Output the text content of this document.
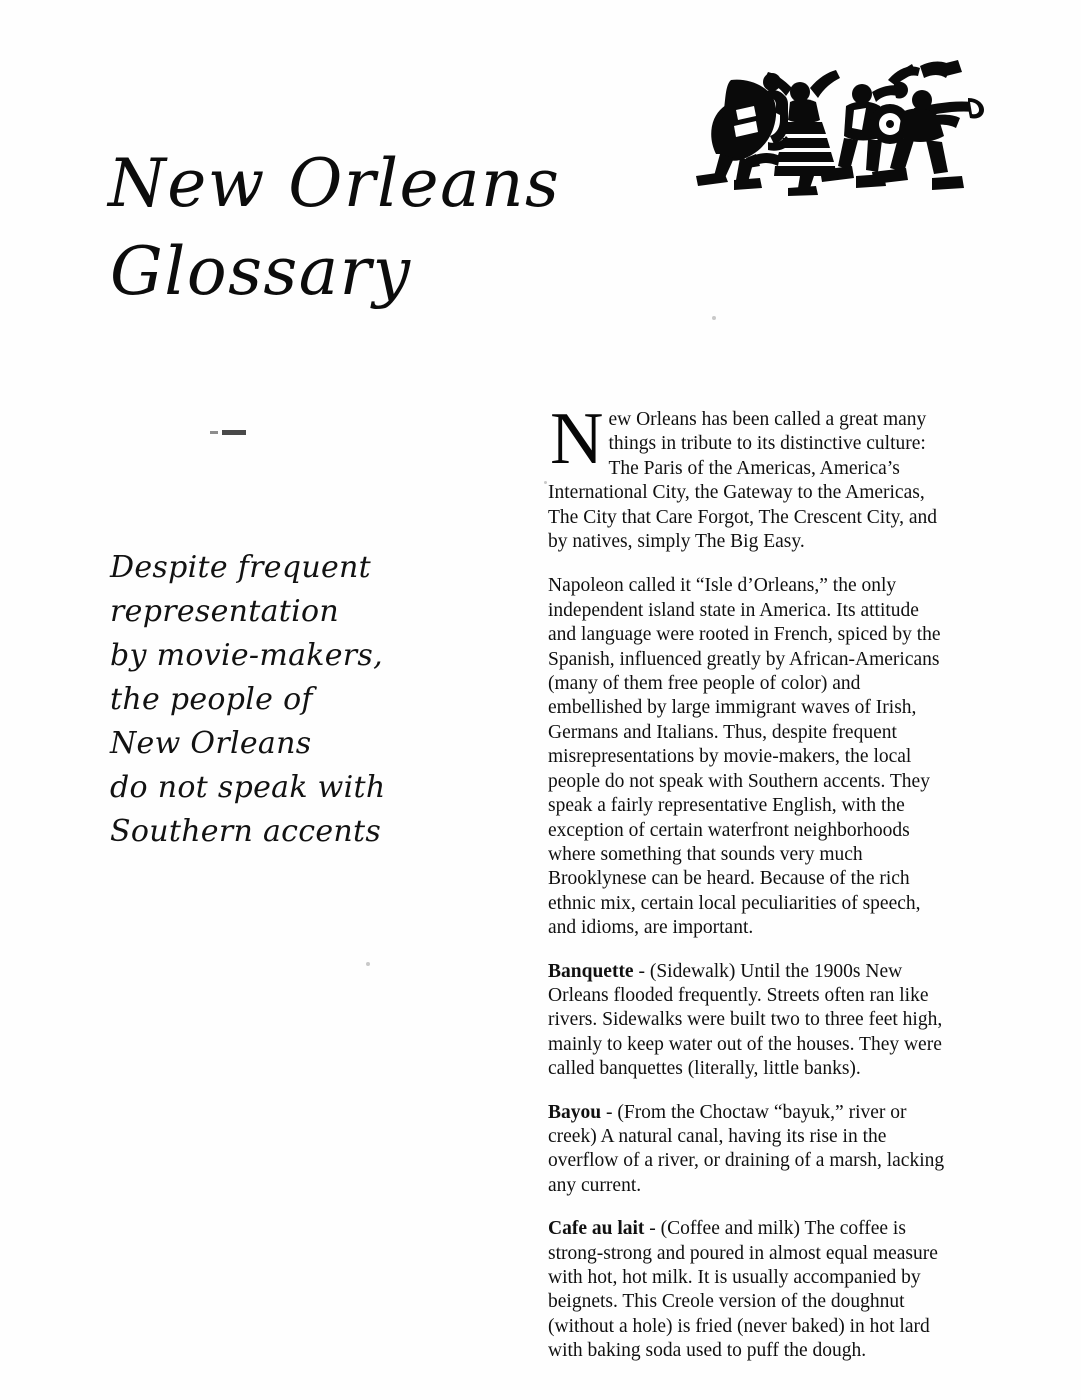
New Orleans
Glossary
Despite frequent
representation
by movie-makers,
the people of
New Orleans
do not speak with
Southern accents

New Orleans has been called a great many things in tribute to its distinctive culture: The Paris of the Americas, America’s International City, the Gateway to the Americas, The City that Care Forgot, The Crescent City, and by natives, simply The Big Easy.

Napoleon called it “Isle d’Orleans,” the only independent island state in America. Its attitude and language were rooted in French, spiced by the Spanish, influenced greatly by African-Americans (many of them free people of color) and embellished by large immigrant waves of Irish, Germans and Italians. Thus, despite frequent misrepresentations by movie-makers, the local people do not speak with Southern accents. They speak a fairly representative English, with the exception of certain waterfront neighborhoods where something that sounds very much Brooklynese can be heard. Because of the rich ethnic mix, certain local peculiarities of speech, and idioms, are important.

Banquette - (Sidewalk) Until the 1900s New Orleans flooded frequently. Streets often ran like rivers. Sidewalks were built two to three feet high, mainly to keep water out of the houses. They were called banquettes (literally, little banks).

Bayou - (From the Choctaw “bayuk,” river or creek) A natural canal, having its rise in the overflow of a river, or draining of a marsh, lacking any current.

Cafe au lait - (Coffee and milk) The coffee is strong-strong and poured in almost equal measure with hot, hot milk. It is usually accompanied by beignets. This Creole version of the doughnut (without a hole) is fried (never baked) in hot lard with baking soda used to puff the dough.
